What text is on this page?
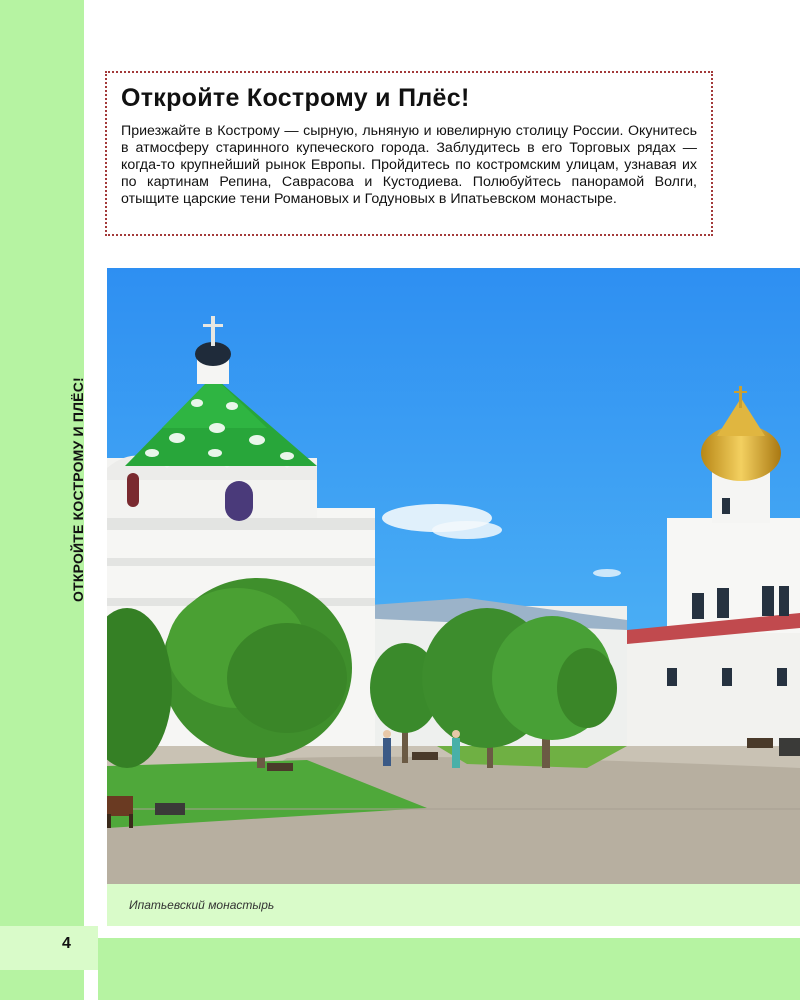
ОТКРОЙТЕ КОСТРОМУ И ПЛЁС!
Откройте Кострому и Плёс!

Приезжайте в Кострому — сырную, льняную и ювелирную столицу России. Окунитесь в атмосферу старинного купеческого города. Заблудитесь в его Торговых рядах — когда-то крупнейший рынок Европы. Пройдитесь по костромским улицам, узнавая их по картинам Репина, Саврасова и Кустодиева. Полюбуйтесь панорамой Волги, отыщите царские тени Романовых и Годуновых в Ипатьевском монастыре.

Ипатьевский монастырь
4
